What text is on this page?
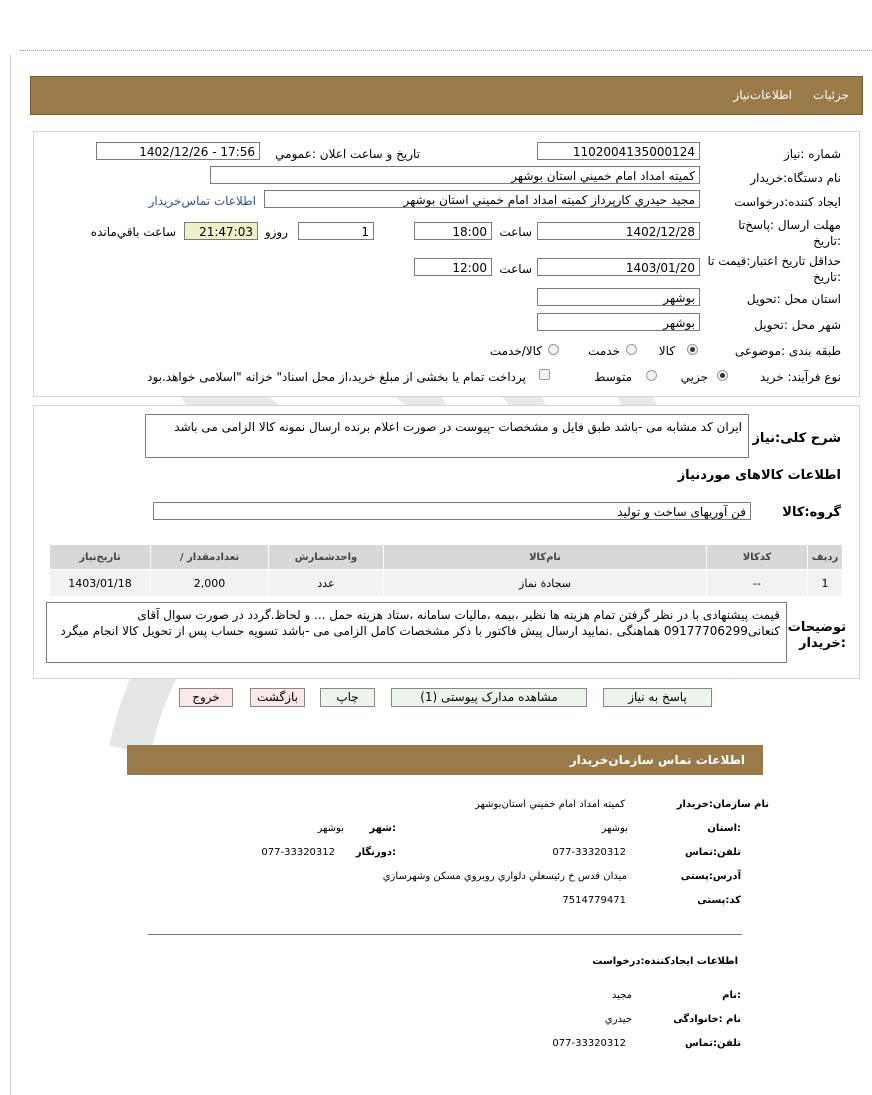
جزئيات
اطلاعات‌نیاز
شماره :نیاز
1102004135000124
تاریخ و ساعت اعلان :عمومي
1402/12/26 - 17:56
نام دستگاه:خریدار
كميته امداد امام خميني استان بوشهر
ایجاد کننده:درخواست
مجيد حيدري كارپرداز كميته امداد امام خميني استان بوشهر
اطلاعات تماس‌خریدار
مهلت ارسال :پاسخ‌تا :تاریخ
1402/12/28
ساعت
18:00
1
روزو
21:47:03
ساعت باقي‌مانده
حداقل تاریخ اعتبار:قیمت تا :تاریخ
1403/01/20
ساعت
12:00
استان محل :تحویل
بوشهر
شهر محل :تحویل
بوشهر
طبقه بندی :موضوعی
كالا
خدمت
كالا/خدمت
نوع فرآیند: خرید
جزيي
متوسط
پرداخت تمام یا بخشی از مبلغ خرید،از محل اسناد" خزانه "اسلامی خواهد.بود
شرح کلی:نیاز
ایران کد مشابه می -باشد طبق فایل و مشخصات -پیوست در صورت اعلام برنده ارسال نمونه کالا الزامی می باشد
اطلاعات کالاهای موردنیاز
گروه:کالا
فن آوریهای ساخت و تولید
ردیف	کدکالا	نام‌کالا	واحدشمارش	تعدادمقدار /	تاریخ‌نیاز
1	--	سجادة نماز	عدد	2,000	1403/01/18
توضیحات :خریدار
قیمت پیشنهادی با در نظر گرفتن تمام هزینه ها نظیر ،بیمه ،مالیات سامانه ،ستاد هزینه حمل ... و لحاظ.گردد در صورت سوال آقای کنعانی09177706299 هماهنگی .نمایید ارسال پیش فاکتور با ذکر مشخصات کامل الزامی می -باشد تسویه حساب پس از تحویل کالا انجام میگرد
پاسخ به نیاز
مشاهده مدارک پیوستی (1)
چاپ
بازگشت
خروج
اطلاعات تماس سازمان‌خریدار
نام سازمان:خریدار
كميته امداد امام خميني استان‌بوشهر
:استان
بوشهر
:شهر
بوشهر
تلفن:تماس
077-33320312
:دورنگار
077-33320312
آدرس:پستی
ميدان قدس خ رئيسعلي دلواري روبروي مسكن وشهرسازي
کد:پستی
7514779471
اطلاعات ایجادکننده:درخواست
:نام
مجيد
نام :خانوادگی
حيدري
تلفن:تماس
077-33320312
